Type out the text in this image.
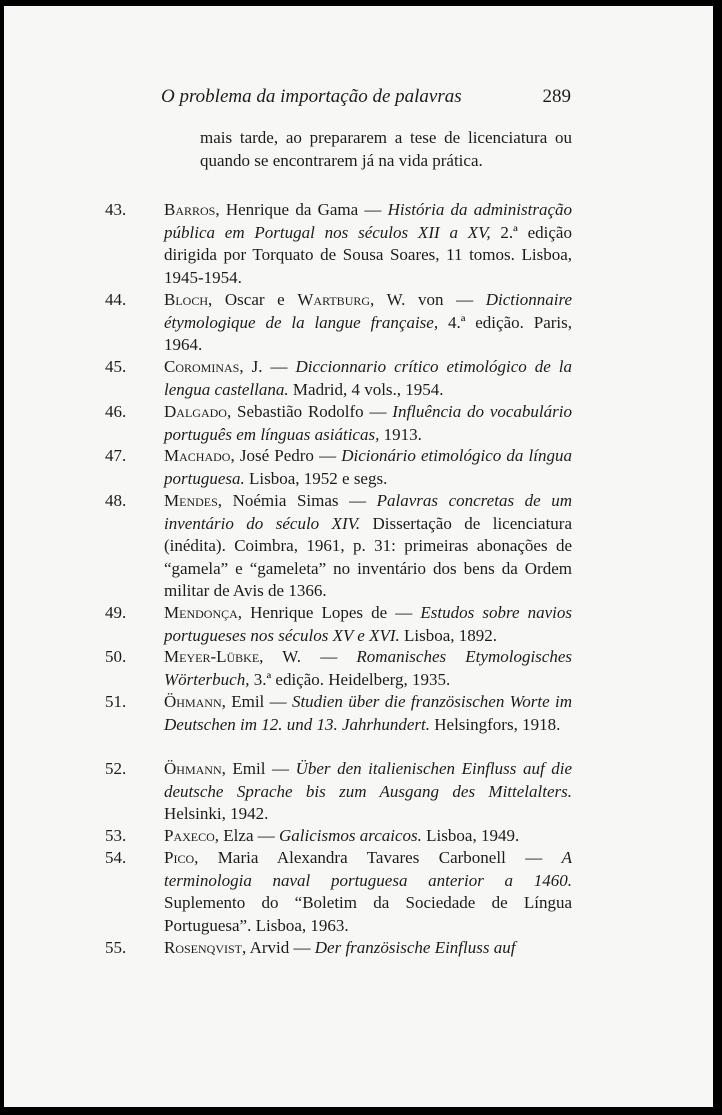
O problema da importação de palavras	289
mais tarde, ao prepararem a tese de licenciatura ou quando se encontrarem já na vida prática.
43.	Barros, Henrique da Gama — História da administração pública em Portugal nos séculos XII a XV, 2.ª edição dirigida por Torquato de Sousa Soares, 11 tomos. Lisboa, 1945-1954.
44.	Bloch, Oscar e Wartburg, W. von — Dictionnaire étymologique de la langue française, 4.ª edição. Paris, 1964.
45.	Corominas, J. — Diccionnario crítico etimológico de la lengua castellana. Madrid, 4 vols., 1954.
46.	Dalgado, Sebastião Rodolfo — Influência do vocabulário português em línguas asiáticas, 1913.
47.	Machado, José Pedro — Dicionário etimológico da língua portuguesa. Lisboa, 1952 e segs.
48.	Mendes, Noémia Simas — Palavras concretas de um inventário do século XIV. Dissertação de licenciatura (inédita). Coimbra, 1961, p. 31: primeiras abonações de “gamela” e “gameleta” no inventário dos bens da Ordem militar de Avis de 1366.
49.	Mendonça, Henrique Lopes de — Estudos sobre navios portugueses nos séculos XV e XVI. Lisboa, 1892.
50.	Meyer-Lübke, W. — Romanisches Etymologisches Wörterbuch, 3.ª edição. Heidelberg, 1935.
51.	Öhmann, Emil — Studien über die französischen Worte im Deutschen im 12. und 13. Jahrhundert. Helsingfors, 1918.
52.	Öhmann, Emil — Über den italienischen Einfluss auf die deutsche Sprache bis zum Ausgang des Mittelalters. Helsinki, 1942.
53.	Paxeco, Elza — Galicismos arcaicos. Lisboa, 1949.
54.	Pico, Maria Alexandra Tavares Carbonell — A terminologia naval portuguesa anterior a 1460. Suplemento do “Boletim da Sociedade de Língua Portuguesa”. Lisboa, 1963.
55.	Rosenqvist, Arvid — Der französische Einfluss auf
